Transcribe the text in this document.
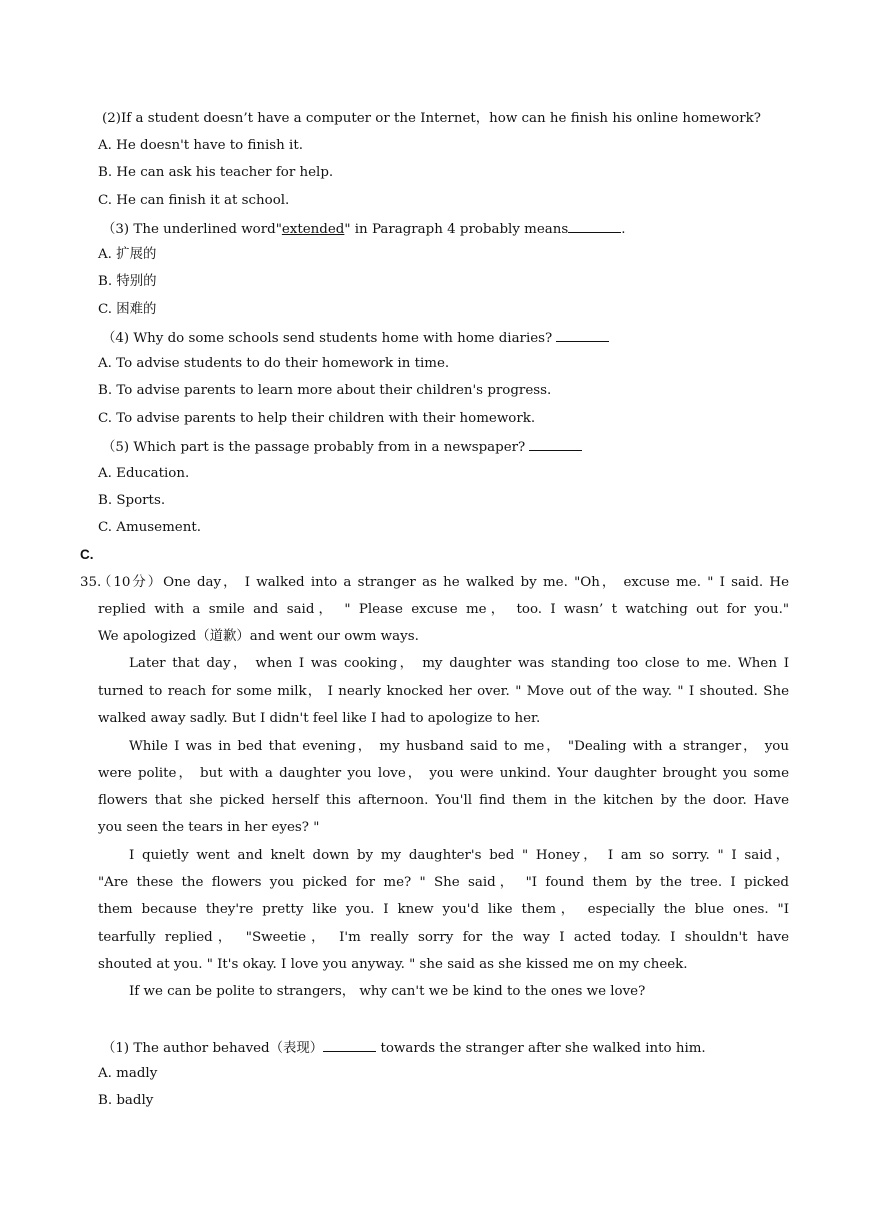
(2)If a student doesn’t have a computer or the Internet，how can he finish his online homework?
A. He doesn't have to finish it.
B. He can ask his teacher for help.
C. He can finish it at school.
（3) The underlined word"extended" in Paragraph 4 probably means	.
A. 扩展的
B. 特别的
C. 困难的
（4) Why do some schools send students home with home diaries?
A. To advise students to do their homework in time.
B. To advise parents to learn more about their children's progress.
C. To advise parents to help their children with their homework.
（5) Which part is the passage probably from in a newspaper?
A. Education.
B. Sports.
C. Amusement.
C.
35.
（10分）One day， I walked into a stranger as he walked by me. "Oh， excuse me. " I said. He
replied with a smile and said， " Please excuse me， too. I wasn’ t watching out for you."
We apologized（道歉）and went our owm ways.
Later that day， when I was cooking， my daughter was standing too close to me. When I
turned to reach for some milk， I nearly knocked her over. " Move out of the way. " I shouted. She
walked away sadly. But I didn't feel like I had to apologize to her.
While I was in bed that evening， my husband said to me， "Dealing with a stranger， you
were polite， but with a daughter you love， you were unkind. Your daughter brought you some
flowers that she picked herself this afternoon. You'll find them in the kitchen by the door. Have
you seen the tears in her eyes? "
I quietly went and knelt down by my daughter's bed " Honey， I am so sorry. " I said，
"Are these the flowers you picked for me? " She said， "I found them by the tree. I picked
them because they're pretty like you. I knew you'd like them， especially the blue ones. "I
tearfully replied， "Sweetie， I'm really sorry for the way I acted today. I shouldn't have
shouted at you. " It's okay. I love you anyway. " she said as she kissed me on my cheek.
If we can be polite to strangers， why can't we be kind to the ones we love?
（1) The author behaved（表现）	towards the stranger after she walked into him.
A. madly
B. badly
